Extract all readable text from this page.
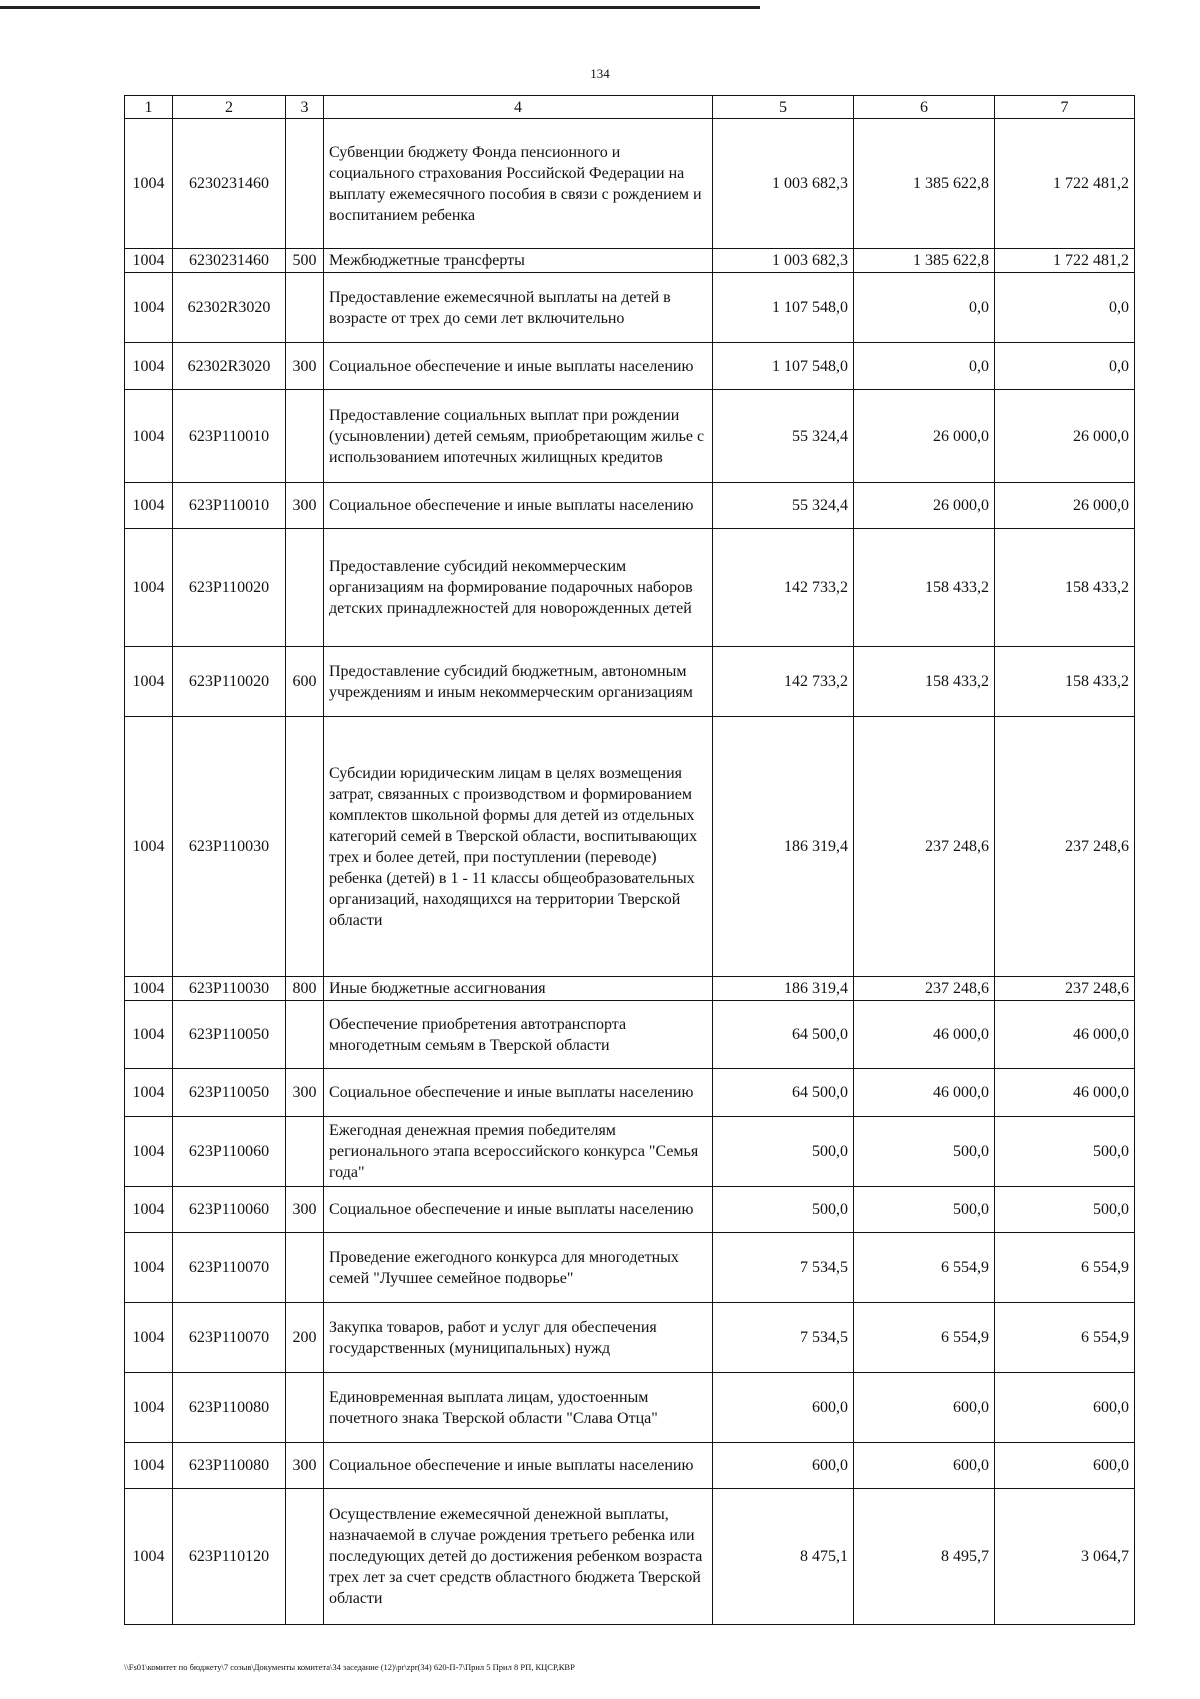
134
1	2	3	4	5	6	7
1004	6230231460		Субвенции бюджету Фонда пенсионного и социального страхования Российской Федерации на выплату ежемесячного пособия в связи с рождением и воспитанием ребенка	1 003 682,3	1 385 622,8	1 722 481,2
1004	6230231460	500	Межбюджетные трансферты	1 003 682,3	1 385 622,8	1 722 481,2
1004	62302R3020		Предоставление ежемесячной выплаты на детей в возрасте от трех до семи лет включительно	1 107 548,0	0,0	0,0
1004	62302R3020	300	Социальное обеспечение и иные выплаты населению	1 107 548,0	0,0	0,0
1004	623P110010		Предоставление социальных выплат при рождении (усыновлении) детей семьям, приобретающим жилье с использованием ипотечных жилищных кредитов	55 324,4	26 000,0	26 000,0
1004	623P110010	300	Социальное обеспечение и иные выплаты населению	55 324,4	26 000,0	26 000,0
1004	623P110020		Предоставление субсидий некоммерческим организациям на формирование подарочных наборов детских принадлежностей для новорожденных детей	142 733,2	158 433,2	158 433,2
1004	623P110020	600	Предоставление субсидий бюджетным, автономным учреждениям и иным некоммерческим организациям	142 733,2	158 433,2	158 433,2
1004	623P110030		Субсидии юридическим лицам в целях возмещения затрат, связанных с производством и формированием комплектов школьной формы для детей из отдельных категорий семей в Тверской области, воспитывающих трех и более детей, при поступлении (переводе) ребенка (детей) в 1 - 11 классы общеобразовательных организаций, находящихся на территории Тверской области	186 319,4	237 248,6	237 248,6
1004	623P110030	800	Иные бюджетные ассигнования	186 319,4	237 248,6	237 248,6
1004	623P110050		Обеспечение приобретения автотранспорта многодетным семьям в Тверской области	64 500,0	46 000,0	46 000,0
1004	623P110050	300	Социальное обеспечение и иные выплаты населению	64 500,0	46 000,0	46 000,0
1004	623P110060		Ежегодная денежная премия победителям регионального этапа всероссийского конкурса "Семья года"	500,0	500,0	500,0
1004	623P110060	300	Социальное обеспечение и иные выплаты населению	500,0	500,0	500,0
1004	623P110070		Проведение ежегодного конкурса для многодетных семей "Лучшее семейное подворье"	7 534,5	6 554,9	6 554,9
1004	623P110070	200	Закупка товаров, работ и услуг для обеспечения государственных (муниципальных) нужд	7 534,5	6 554,9	6 554,9
1004	623P110080		Единовременная выплата лицам, удостоенным почетного знака Тверской области "Слава Отца"	600,0	600,0	600,0
1004	623P110080	300	Социальное обеспечение и иные выплаты населению	600,0	600,0	600,0
1004	623P110120		Осуществление ежемесячной денежной выплаты, назначаемой в случае рождения третьего ребенка или последующих детей до достижения ребенком возраста трех лет за счет средств областного бюджета Тверской области	8 475,1	8 495,7	3 064,7
\\Fs01\комитет по бюджету\7 созыв\Документы комитета\34 заседание (12)\pr\zpr(34) 620-П-7\Прил 5 Прил 8 РП, КЦСР,КВР
